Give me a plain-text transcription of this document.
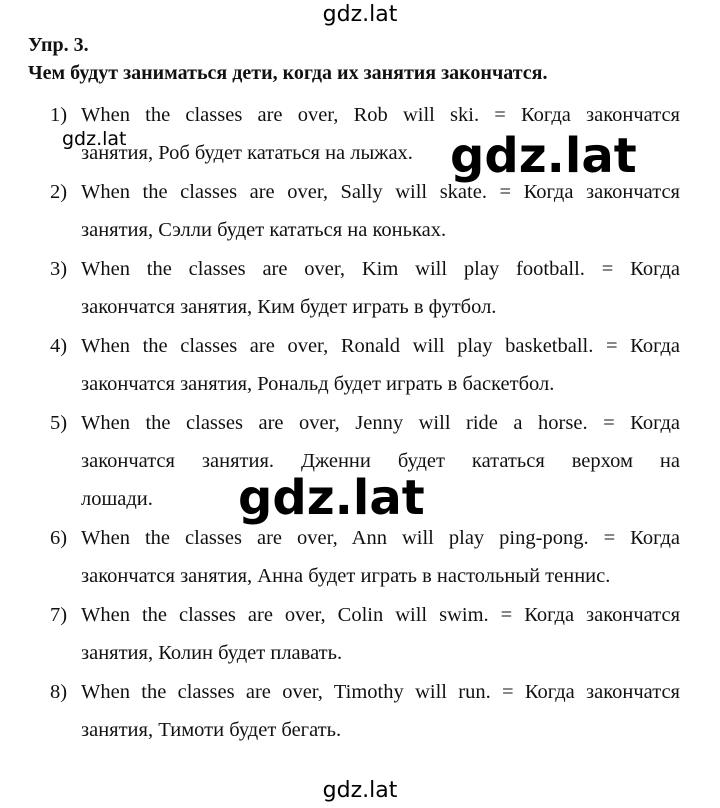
gdz.lat
Упр. 3.
Чем будут заниматься дети, когда их занятия закончатся.
1) When the classes are over, Rob will ski. = Когда закончатся
занятия, Роб будет кататься на лыжах.
2) When the classes are over, Sally will skate. = Когда закончатся
занятия, Сэлли будет кататься на коньках.
3) When the classes are over, Kim will play football. = Когда
закончатся занятия, Ким будет играть в футбол.
4) When the classes are over, Ronald will play basketball. = Когда
закончатся занятия, Рональд будет играть в баскетбол.
5) When the classes are over, Jenny will ride a horse. = Когда
закончатся занятия. Дженни будет кататься верхом на
лошади.
6) When the classes are over, Ann will play ping-pong. = Когда
закончатся занятия, Анна будет играть в настольный теннис.
7) When the classes are over, Colin will swim. = Когда закончатся
занятия, Колин будет плавать.
8) When the classes are over, Timothy will run. = Когда закончатся
занятия, Тимоти будет бегать.
gdz.lat	gdz.lat
gdz.lat
gdz.lat
